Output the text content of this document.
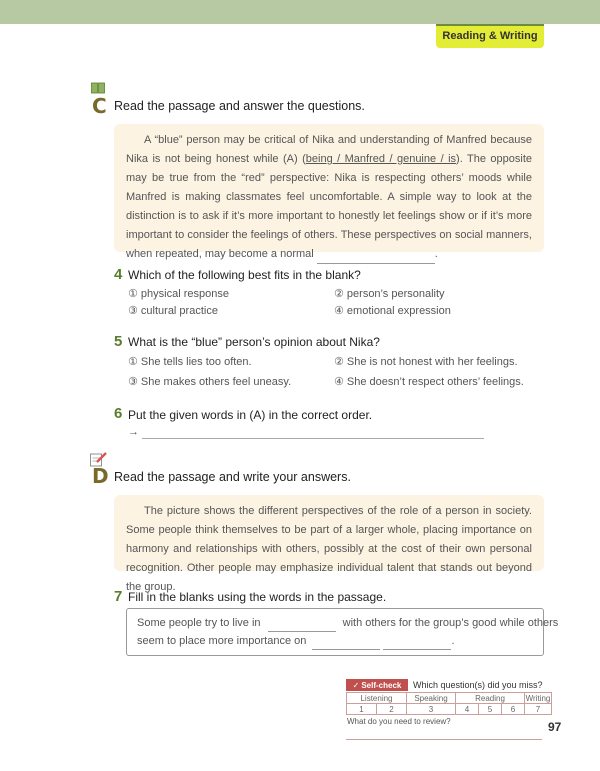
Reading & Writing
C Read the passage and answer the questions.

A “blue” person may be critical of Nika and understanding of Manfred because Nika is not being honest while (A) (being / Manfred / genuine / is). The opposite may be true from the “red” perspective: Nika is respecting others’ moods while Manfred is making classmates feel uncomfortable. A simple way to look at the distinction is to ask if it’s more important to honestly let feelings show or if it’s more important to consider the feelings of others. These perspectives on social manners, when repeated, may become a normal	.

4 Which of the following best fits in the blank?
① physical response	② person’s personality
③ cultural practice	④ emotional expression
5 What is the “blue” person’s opinion about Nika?
① She tells lies too often.	② She is not honest with her feelings.
③ She makes others feel uneasy.	④ She doesn’t respect others’ feelings.
6 Put the given words in (A) in the correct order.
→
D Read the passage and write your answers.

The picture shows the different perspectives of the role of a person in society. Some people think themselves to be part of a larger whole, placing importance on harmony and relationships with others, possibly at the cost of their own personal recognition. Other people may emphasize individual talent that stands out beyond the group.

7 Fill in the blanks using the words in the passage.
Some people try to live in	with others for the group’s good while others
seem to place more importance on	.
✓ Self-check Which question(s) did you miss?
Listening		Speaking	Reading			Writing
1	2	3	4	5	6	7
What do you need to review?	97
